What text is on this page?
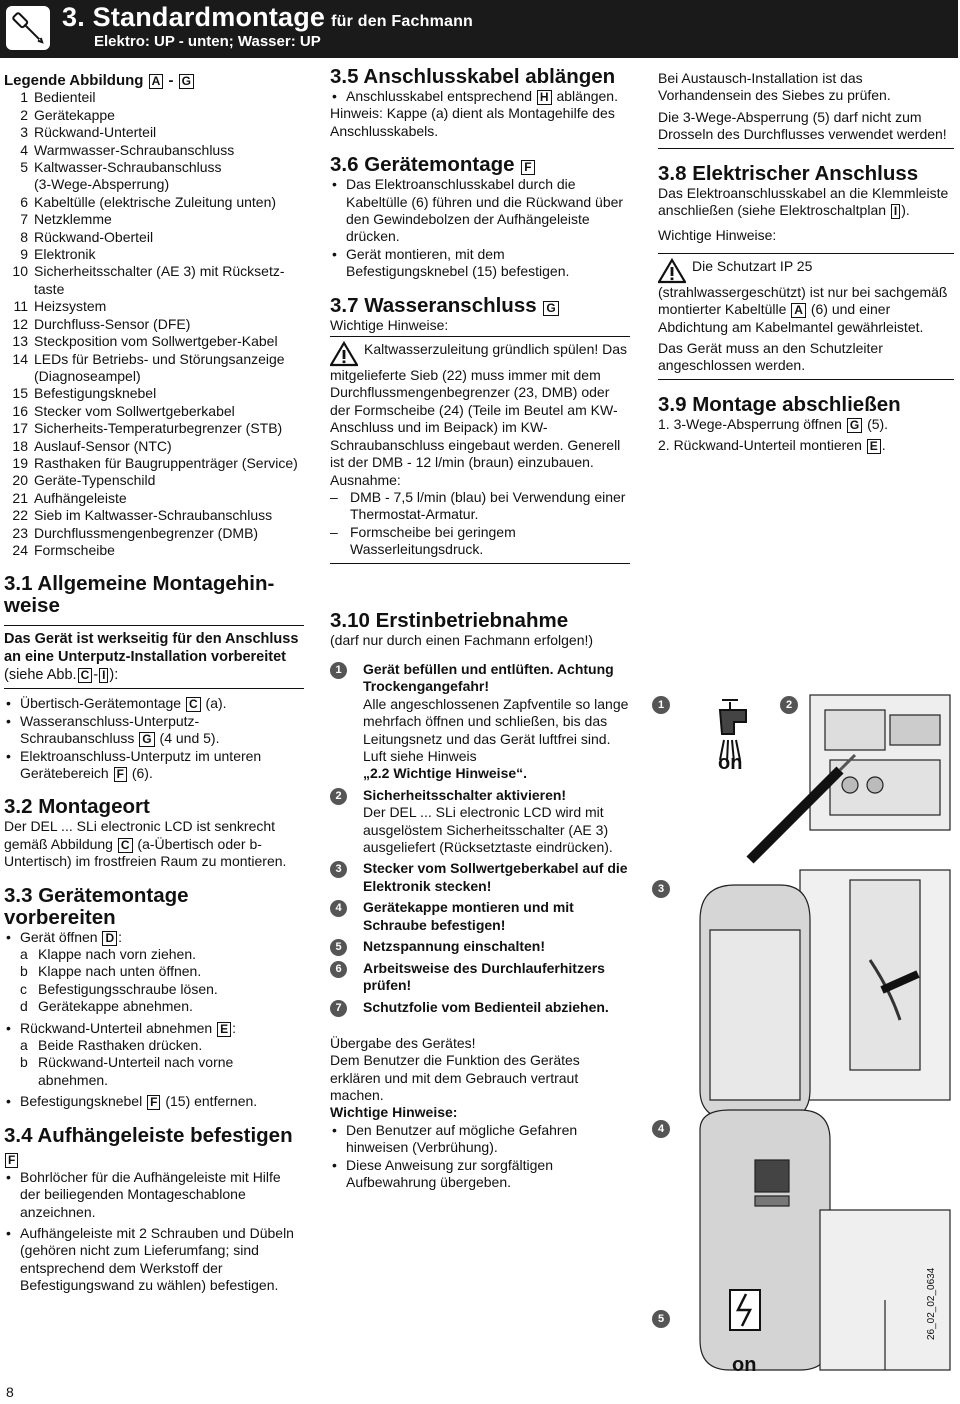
3. Standardmontage für den Fachmann
Elektro: UP - unten; Wasser: UP
Legende Abbildung A - G
1 Bedienteil
2 Gerätekappe
3 Rückwand-Unterteil
4 Warmwasser-Schraubanschluss
5 Kaltwasser-Schraubanschluss
(3-Wege-Absperrung)
6 Kabeltülle (elektrische Zuleitung unten)
7 Netzklemme
8 Rückwand-Oberteil
9 Elektronik
10 Sicherheitsschalter (AE 3) mit Rücksetz-
taste
11 Heizsystem
12 Durchfluss-Sensor (DFE)
13 Steckposition vom Sollwertgeber-Kabel
14 LEDs für Betriebs- und Störungsanzeige
(Diagnoseampel)
15 Befestigungsknebel
16 Stecker vom Sollwertgeberkabel
17 Sicherheits-Temperaturbegrenzer (STB)
18 Auslauf-Sensor (NTC)
19 Rasthaken für Baugruppenträger (Service)
20 Geräte-Typenschild
21 Aufhängeleiste
22 Sieb im Kaltwasser-Schraubanschluss
23 Durchflussmengenbegrenzer (DMB)
24 Formscheibe
3.1 Allgemeine Montagehin-weise
Das Gerät ist werkseitig für den Anschluss an eine Unterputz-Installation vorbereitet (siehe Abb. C - I ):
• Übertisch-Gerätemontage C (a).
• Wasseranschluss-Unterputz-Schraubanschluss G (4 und 5).
• Elektroanschluss-Unterputz im unteren Gerätebereich F (6).
3.2 Montageort

Der DEL ... SLi electronic LCD ist senkrecht gemäß Abbildung C (a-Übertisch oder b-Untertisch) im frostfreien Raum zu montieren.

3.3 Gerätemontage vorbereiten
• Gerät öffnen D :
a Klappe nach vorn ziehen.
b Klappe nach unten öffnen.
c Befestigungsschraube lösen.
d Gerätekappe abnehmen.
• Rückwand-Unterteil abnehmen E :
a Beide Rasthaken drücken.
b Rückwand-Unterteil nach vorne abnehmen.
• Befestigungsknebel F (15) entfernen.
3.4 Aufhängeleiste befestigen F
• Bohrlöcher für die Aufhängeleiste mit Hilfe der beiliegenden Montageschablone anzeichnen.
• Aufhängeleiste mit 2 Schrauben und Dübeln (gehören nicht zum Lieferumfang; sind entsprechend dem Werkstoff der Befestigungswand zu wählen) befestigen.
3.5 Anschlusskabel ablängen
• Anschlusskabel entsprechend H ablängen.

Hinweis: Kappe (a) dient als Montagehilfe des Anschlusskabels.

3.6 Gerätemontage F
• Das Elektroanschlusskabel durch die Kabeltülle (6) führen und die Rückwand über den Gewindebolzen der Aufhängeleiste drücken.
• Gerät montieren, mit dem Befestigungsknebel (15) befestigen.
3.7 Wasseranschluss G

Wichtige Hinweise:

Kaltwasserzuleitung gründlich spülen! Das mitgelieferte Sieb (22) muss immer mit dem Durchflussmengenbegrenzer (23, DMB) oder der Formscheibe (24) (Teile im Beutel am KW-Anschluss und im Beipack) im KW-Schraubanschluss eingebaut werden. Generell ist der DMB - 12 l/min (braun) einzubauen.
Ausnahme:
– DMB - 7,5 l/min (blau) bei Verwendung einer Thermostat-Armatur.
– Formscheibe bei geringem Wasserleitungsdruck.
3.10 Erstinbetriebnahme

(darf nur durch einen Fachmann erfolgen!)

1	Gerät befüllen und entlüften. Achtung Trockengangefahr!
Alle angeschlossenen Zapfventile so lange mehrfach öffnen und schließen, bis das Leitungsnetz und das Gerät luftfrei sind. Luft siehe Hinweis
„2.2 Wichtige Hinweise“.
2	Sicherheitsschalter aktivieren!
Der DEL ... SLi electronic LCD wird mit ausgelöstem Sicherheitsschalter (AE 3) ausgeliefert (Rücksetztaste eindrücken).
3	Stecker vom Sollwertgeberkabel auf die Elektronik stecken!
4	Gerätekappe montieren und mit Schraube befestigen!
5	Netzspannung einschalten!
6	Arbeitsweise des Durchlauferhitzers prüfen!
7	Schutzfolie vom Bedienteil abziehen.

Übergabe des Gerätes!

Dem Benutzer die Funktion des Gerätes erklären und mit dem Gebrauch vertraut machen.

Wichtige Hinweise:

• Den Benutzer auf mögliche Gefahren hinweisen (Verbrühung).
• Diese Anweisung zur sorgfältigen Aufbewahrung übergeben.

Bei Austausch-Installation ist das Vorhandensein des Siebes zu prüfen.

Die 3-Wege-Absperrung (5) darf nicht zum Drosseln des Durchflusses verwendet werden!

3.8 Elektrischer Anschluss

Das Elektroanschlusskabel an die Klemmleiste anschließen (siehe Elektroschaltplan I ).

Wichtige Hinweise:

Die Schutzart IP 25 (strahlwassergeschützt) ist nur bei sachgemäß montierter Kabeltülle A (6) und einer Abdichtung am Kabelmantel gewährleistet.

Das Gerät muss an den Schutzleiter angeschlossen werden.

3.9 Montage abschließen

1. 3-Wege-Absperrung öffnen G (5).

2. Rückwand-Unterteil montieren E .

1	2
3
4
5
on
on
26_02_02_0634
8
